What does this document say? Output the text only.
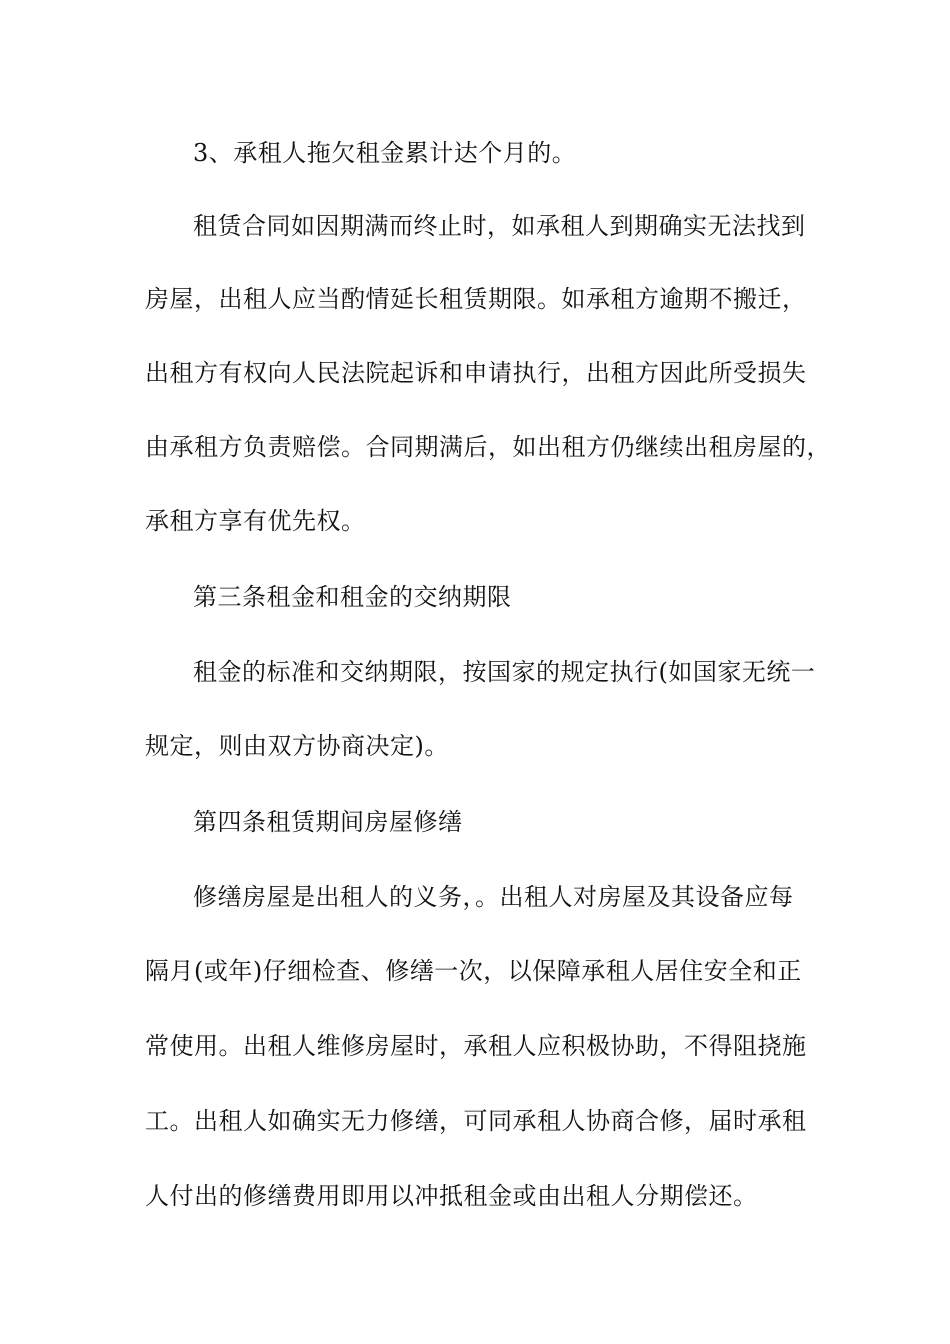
3、承租人拖欠租金累计达个月的。
租赁合同如因期满而终止时，如承租人到期确实无法找到
房屋，出租人应当酌情延长租赁期限。如承租方逾期不搬迁，
出租方有权向人民法院起诉和申请执行，出租方因此所受损失
由承租方负责赔偿。合同期满后，如出租方仍继续出租房屋的，
承租方享有优先权。
第三条租金和租金的交纳期限
租金的标准和交纳期限，按国家的规定执行(如国家无统一
规定，则由双方协商决定)。
第四条租赁期间房屋修缮
修缮房屋是出租人的义务，。出租人对房屋及其设备应每
隔月(或年)仔细检查、修缮一次，以保障承租人居住安全和正
常使用。出租人维修房屋时，承租人应积极协助，不得阻挠施
工。出租人如确实无力修缮，可同承租人协商合修，届时承租
人付出的修缮费用即用以冲抵租金或由出租人分期偿还。
